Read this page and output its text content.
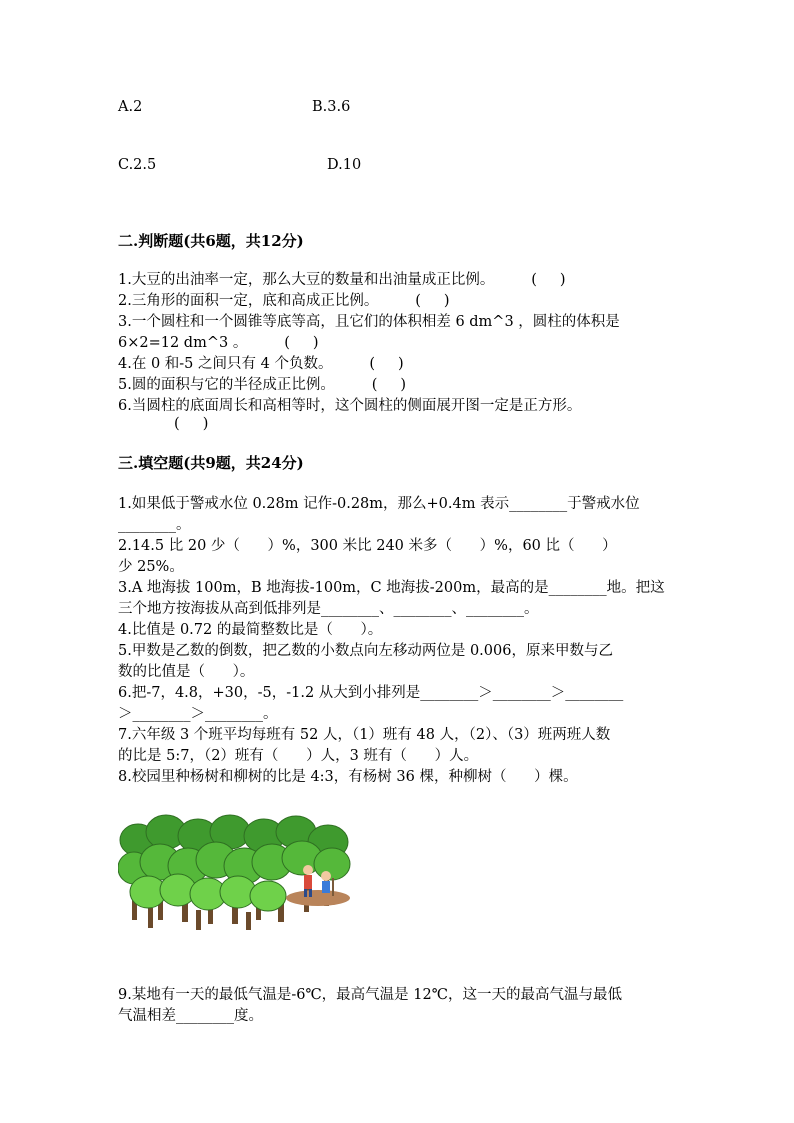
A.2	B.3.6
C.2.5	D.10
二.判断题(共6题，共12分)
1.大豆的出油率一定，那么大豆的数量和出油量成正比例。        (     )
2.三角形的面积一定，底和高成正比例。        (     )
3.一个圆柱和一个圆锥等底等高，且它们的体积相差 6 dm^3 ，圆柱的体积是
6×2=12 dm^3 。        (     )
4.在 0 和-5 之间只有 4 个负数。        (     )
5.圆的面积与它的半径成正比例。        (     )
6.当圆柱的底面周长和高相等时，这个圆柱的侧面展开图一定是正方形。
(     )
三.填空题(共9题，共24分)
1.如果低于警戒水位 0.28m 记作-0.28m，那么+0.4m 表示________于警戒水位
________。
2.14.5 比 20 少（      ）%，300 米比 240 米多（      ）%，60 比（      ）
少 25%。
3.A 地海拔 100m，B 地海拔-100m，C 地海拔-200m，最高的是________地。把这
三个地方按海拔从高到低排列是________、________、________。
4.比值是 0.72 的最简整数比是（      ）。
5.甲数是乙数的倒数，把乙数的小数点向左移动两位是 0.006，原来甲数与乙
数的比值是（      ）。
6.把-7，4.8，+30，-5，-1.2 从大到小排列是________＞________＞________
＞________＞________。
7.六年级 3 个班平均每班有 52 人，（1）班有 48 人，（2）、（3）班两班人数
的比是 5:7，（2）班有（      ）人，3 班有（      ）人。
8.校园里种杨树和柳树的比是 4:3，有杨树 36 棵，种柳树（      ）棵。
9.某地有一天的最低气温是-6℃，最高气温是 12℃，这一天的最高气温与最低
气温相差________度。
